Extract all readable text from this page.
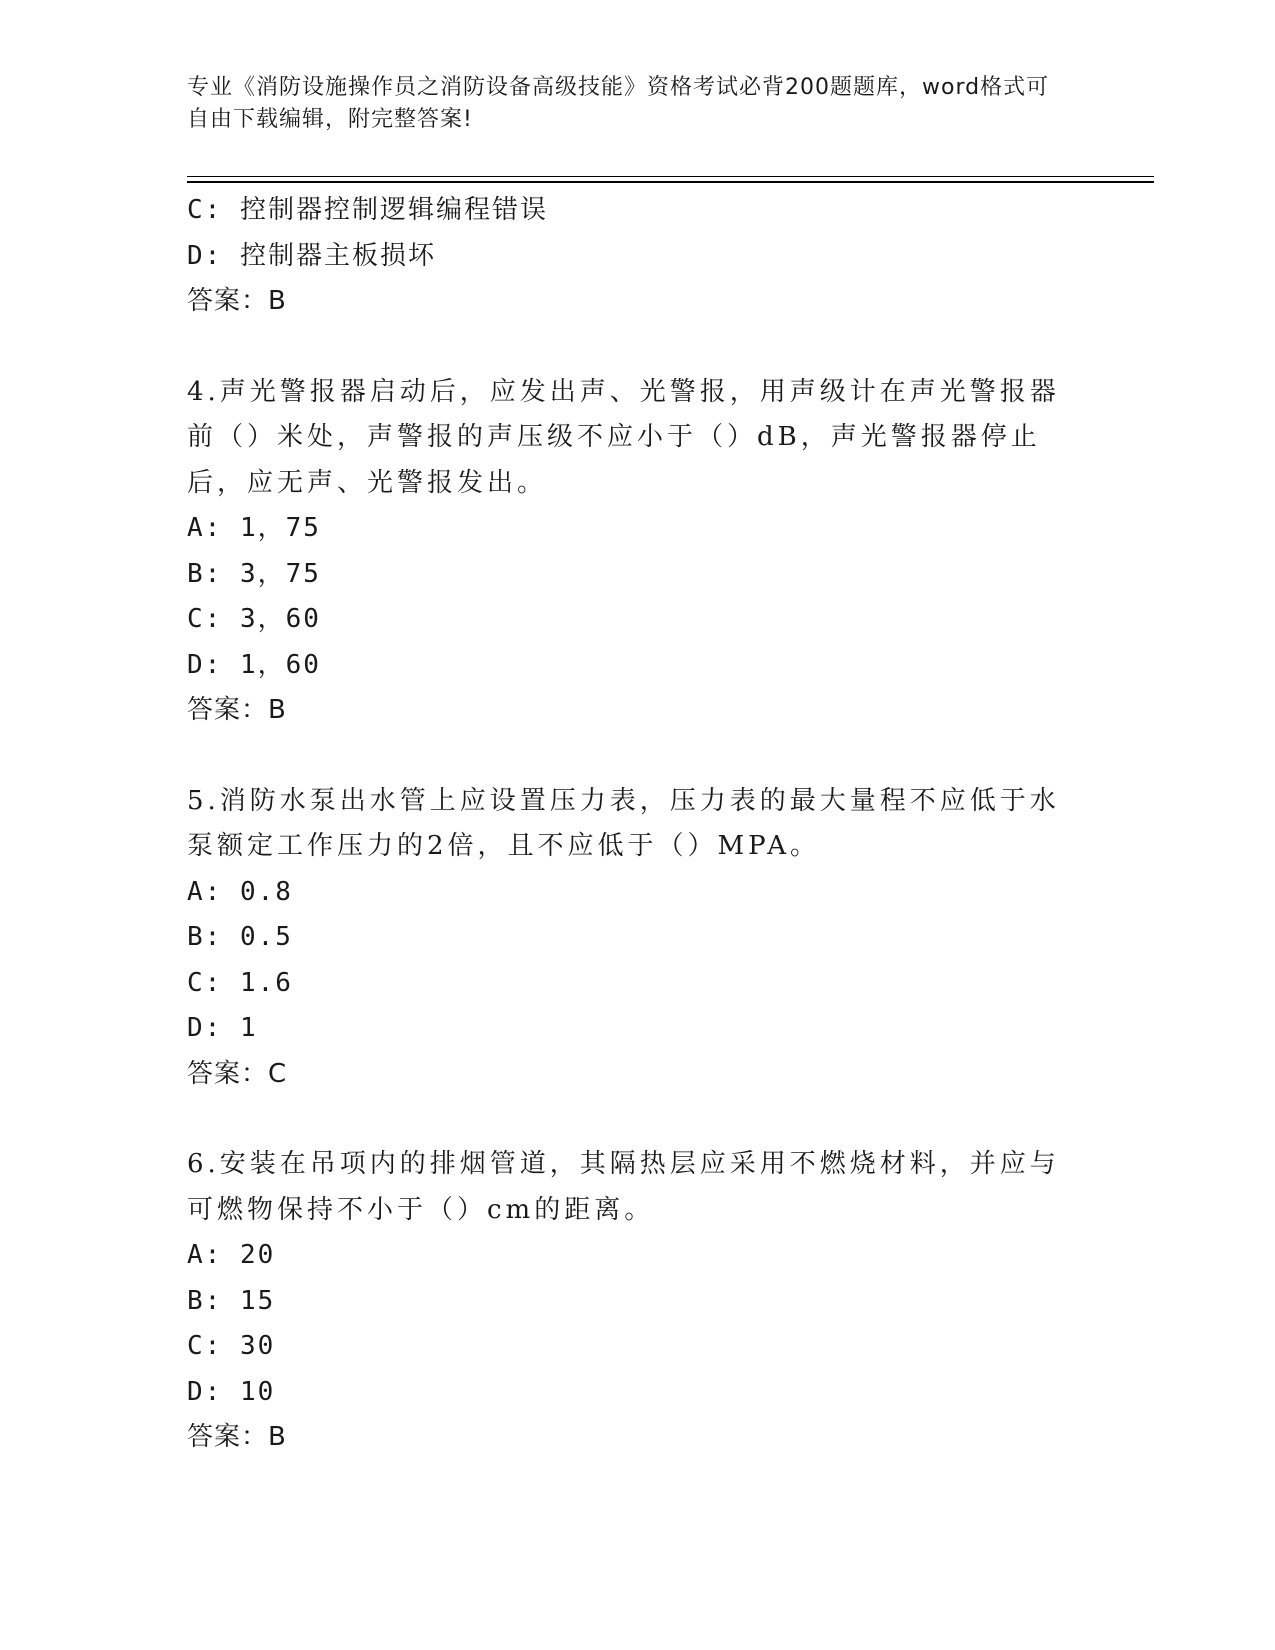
专业《消防设施操作员之消防设备高级技能》资格考试必背200题题库，word格式可自由下载编辑，附完整答案!
C: 控制器控制逻辑编程错误
D: 控制器主板损坏
答案：B
4.声光警报器启动后，应发出声、光警报，用声级计在声光警报器前（）米处，声警报的声压级不应小于（）dB，声光警报器停止后，应无声、光警报发出。
A: 1，75
B: 3，75
C: 3，60
D: 1，60
答案：B
5.消防水泵出水管上应设置压力表，压力表的最大量程不应低于水泵额定工作压力的2倍，且不应低于（）MPA。
A: 0.8
B: 0.5
C: 1.6
D: 1
答案：C
6.安装在吊项内的排烟管道，其隔热层应采用不燃烧材料，并应与可燃物保持不小于（）cm的距离。
A: 20
B: 15
C: 30
D: 10
答案：B
